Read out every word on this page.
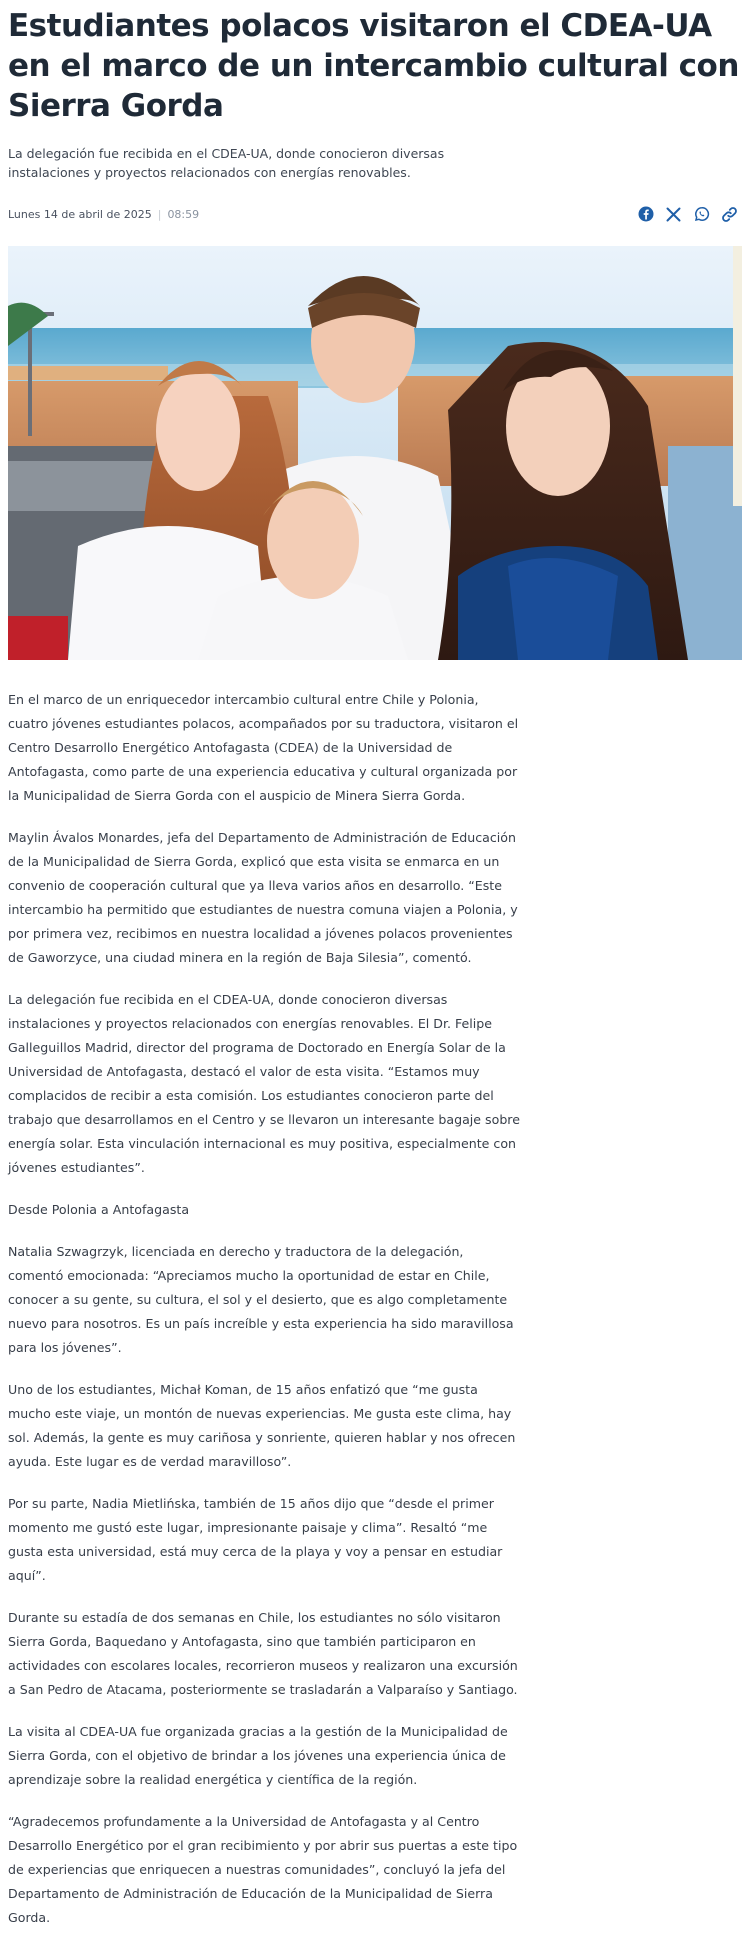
Estudiantes polacos visitaron el CDEA-UA en el marco de un intercambio cultural con Sierra Gorda

La delegación fue recibida en el CDEA-UA, donde conocieron diversas instalaciones y proyectos relacionados con energías renovables.

Lunes 14 de abril de 2025 | 08:59

En el marco de un enriquecedor intercambio cultural entre Chile y Polonia, cuatro jóvenes estudiantes polacos, acompañados por su traductora, visitaron el Centro Desarrollo Energético Antofagasta (CDEA) de la Universidad de Antofagasta, como parte de una experiencia educativa y cultural organizada por la Municipalidad de Sierra Gorda con el auspicio de Minera Sierra Gorda.

Maylin Ávalos Monardes, jefa del Departamento de Administración de Educación de la Municipalidad de Sierra Gorda, explicó que esta visita se enmarca en un convenio de cooperación cultural que ya lleva varios años en desarrollo. “Este intercambio ha permitido que estudiantes de nuestra comuna viajen a Polonia, y por primera vez, recibimos en nuestra localidad a jóvenes polacos provenientes de Gaworzyce, una ciudad minera en la región de Baja Silesia”, comentó.

La delegación fue recibida en el CDEA-UA, donde conocieron diversas instalaciones y proyectos relacionados con energías renovables. El Dr. Felipe Galleguillos Madrid, director del programa de Doctorado en Energía Solar de la Universidad de Antofagasta, destacó el valor de esta visita. “Estamos muy complacidos de recibir a esta comisión. Los estudiantes conocieron parte del trabajo que desarrollamos en el Centro y se llevaron un interesante bagaje sobre energía solar. Esta vinculación internacional es muy positiva, especialmente con jóvenes estudiantes”.

Desde Polonia a Antofagasta

Natalia Szwagrzyk, licenciada en derecho y traductora de la delegación, comentó emocionada: “Apreciamos mucho la oportunidad de estar en Chile, conocer a su gente, su cultura, el sol y el desierto, que es algo completamente nuevo para nosotros. Es un país increíble y esta experiencia ha sido maravillosa para los jóvenes”.

Uno de los estudiantes, Michał Koman, de 15 años enfatizó que “me gusta mucho este viaje, un montón de nuevas experiencias. Me gusta este clima, hay sol. Además, la gente es muy cariñosa y sonriente, quieren hablar y nos ofrecen ayuda. Este lugar es de verdad maravilloso”.

Por su parte, Nadia Mietlińska, también de 15 años dijo que “desde el primer momento me gustó este lugar, impresionante paisaje y clima”. Resaltó “me gusta esta universidad, está muy cerca de la playa y voy a pensar en estudiar aquí”.

Durante su estadía de dos semanas en Chile, los estudiantes no sólo visitaron Sierra Gorda, Baquedano y Antofagasta, sino que también participaron en actividades con escolares locales, recorrieron museos y realizaron una excursión a San Pedro de Atacama, posteriormente se trasladarán a Valparaíso y Santiago.

La visita al CDEA-UA fue organizada gracias a la gestión de la Municipalidad de Sierra Gorda, con el objetivo de brindar a los jóvenes una experiencia única de aprendizaje sobre la realidad energética y científica de la región.

“Agradecemos profundamente a la Universidad de Antofagasta y al Centro Desarrollo Energético por el gran recibimiento y por abrir sus puertas a este tipo de experiencias que enriquecen a nuestras comunidades”, concluyó la jefa del Departamento de Administración de Educación de la Municipalidad de Sierra Gorda.
